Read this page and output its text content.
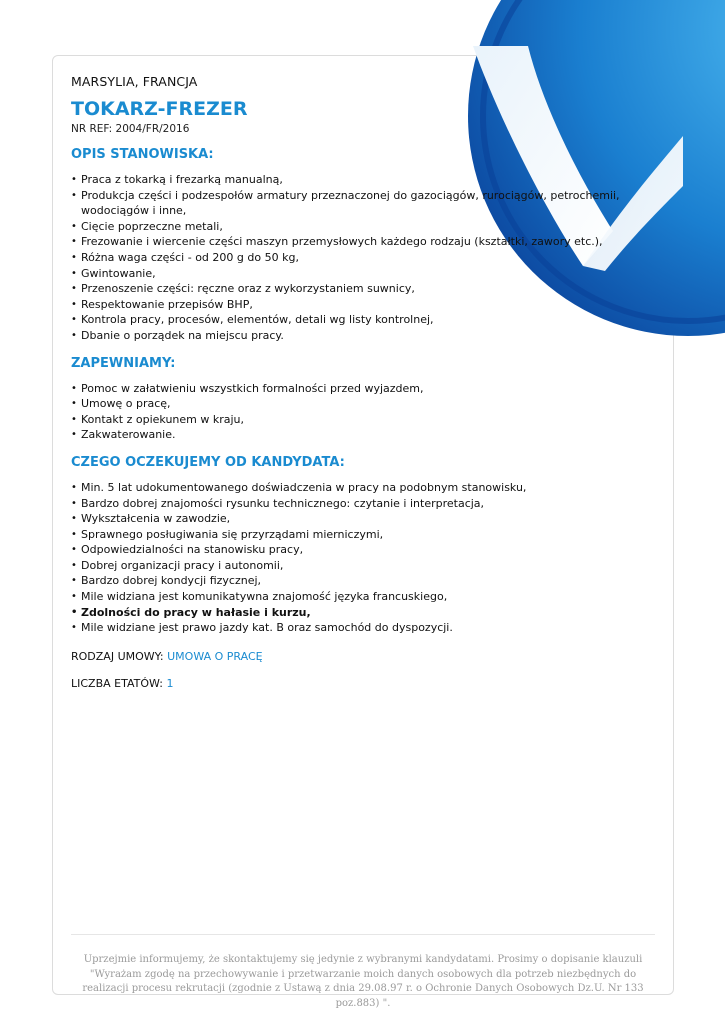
MARSYLIA, FRANCJA

TOKARZ-FREZER

NR REF: 2004/FR/2016

OPIS STANOWISKA:
• Praca z tokarką i frezarką manualną,
• Produkcja części i podzespołów armatury przeznaczonej do gazociągów, rurociągów, petrochemii, wodociągów i inne,
• Cięcie poprzeczne metali,
• Frezowanie i wiercenie części maszyn przemysłowych każdego rodzaju (kształtki, zawory etc.),
• Różna waga części - od 200 g do 50 kg,
• Gwintowanie,
• Przenoszenie części: ręczne oraz z wykorzystaniem suwnicy,
• Respektowanie przepisów BHP,
• Kontrola pracy, procesów, elementów, detali wg listy kontrolnej,
• Dbanie o porządek na miejscu pracy.
ZAPEWNIAMY:
• Pomoc w załatwieniu wszystkich formalności przed wyjazdem,
• Umowę o pracę,
• Kontakt z opiekunem w kraju,
• Zakwaterowanie.
CZEGO OCZEKUJEMY OD KANDYDATA:
• Min. 5 lat udokumentowanego doświadczenia w pracy na podobnym stanowisku,
• Bardzo dobrej znajomości rysunku technicznego: czytanie i interpretacja,
• Wykształcenia w zawodzie,
• Sprawnego posługiwania się przyrządami mierniczymi,
• Odpowiedzialności na stanowisku pracy,
• Dobrej organizacji pracy i autonomii,
• Bardzo dobrej kondycji fizycznej,
• Mile widziana jest komunikatywna znajomość języka francuskiego,
• Zdolności do pracy w hałasie i kurzu,
• Mile widziane jest prawo jazdy kat. B oraz samochód do dyspozycji.

RODZAJ UMOWY: UMOWA O PRACĘ

LICZBA ETATÓW: 1

Uprzejmie informujemy, że skontaktujemy się jedynie z wybranymi kandydatami. Prosimy o dopisanie klauzuli "Wyrażam zgodę na przechowywanie i przetwarzanie moich danych osobowych dla potrzeb niezbędnych do realizacji procesu rekrutacji (zgodnie z Ustawą z dnia 29.08.97 r. o Ochronie Danych Osobowych Dz.U. Nr 133 poz.883) ".
